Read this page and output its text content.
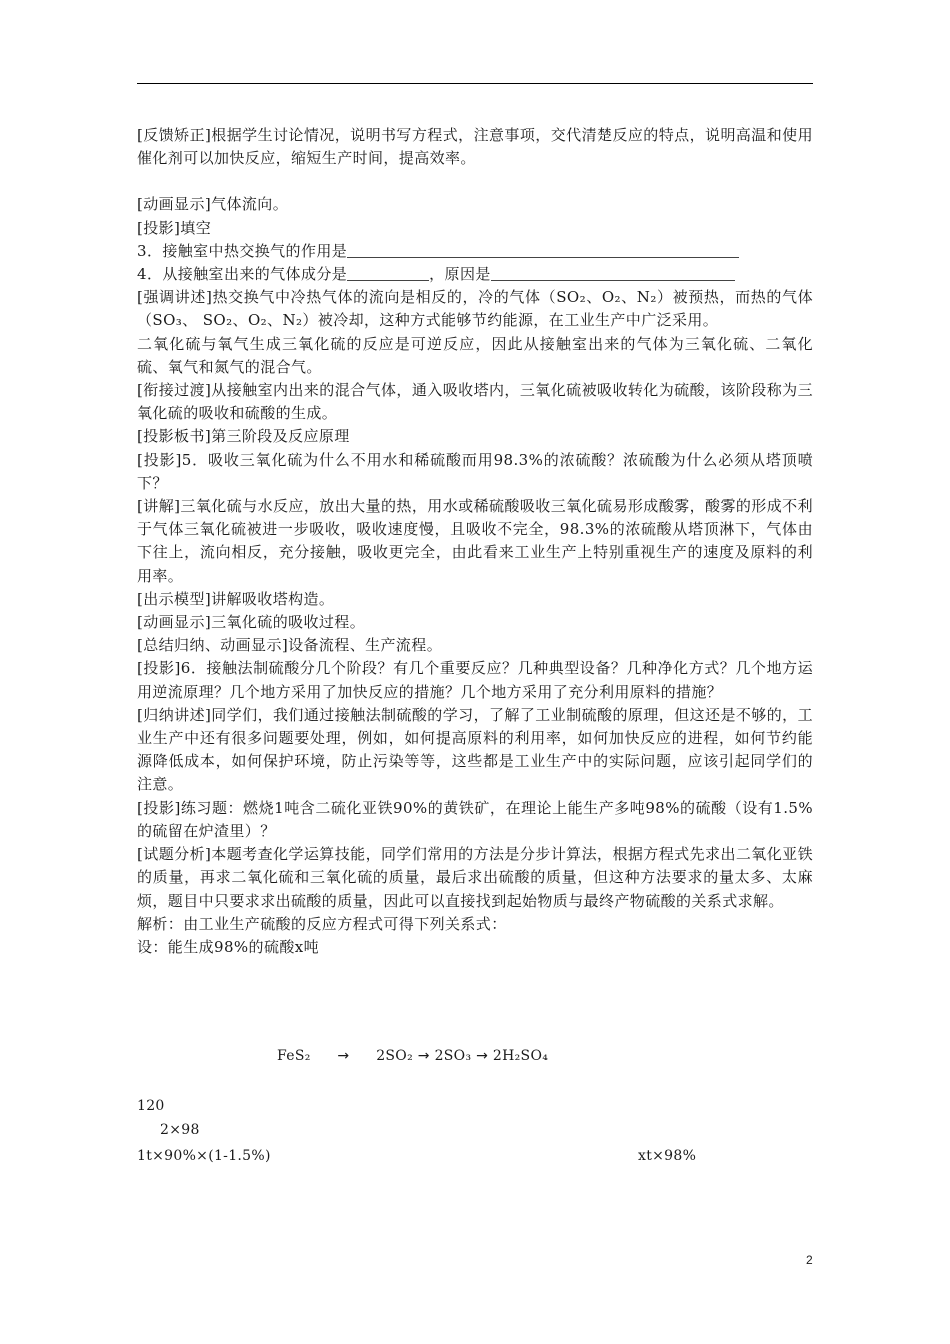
[反馈矫正]根据学生讨论情况，说明书写方程式，注意事项，交代清楚反应的特点，说明高温和使用催化剂可以加快反应，缩短生产时间，提高效率。

[动画显示]气体流向。

[投影]填空

3．接触室中热交换气的作用是

4．从接触室出来的气体成分是	，原因是

[强调讲述]热交换气中冷热气体的流向是相反的，冷的气体（SO₂、O₂、N₂）被预热，而热的气体（SO₃、 SO₂、O₂、N₂）被冷却，这种方式能够节约能源，在工业生产中广泛采用。

二氧化硫与氧气生成三氧化硫的反应是可逆反应，因此从接触室出来的气体为三氧化硫、二氧化硫、氧气和氮气的混合气。

[衔接过渡]从接触室内出来的混合气体，通入吸收塔内，三氧化硫被吸收转化为硫酸，该阶段称为三氧化硫的吸收和硫酸的生成。

[投影板书]第三阶段及反应原理

[投影]5．吸收三氧化硫为什么不用水和稀硫酸而用98.3%的浓硫酸？浓硫酸为什么必须从塔顶喷下？

[讲解]三氧化硫与水反应，放出大量的热，用水或稀硫酸吸收三氧化硫易形成酸雾，酸雾的形成不利于气体三氧化硫被进一步吸收，吸收速度慢，且吸收不完全，98.3%的浓硫酸从塔顶淋下，气体由下往上，流向相反，充分接触，吸收更完全，由此看来工业生产上特别重视生产的速度及原料的利用率。

[出示模型]讲解吸收塔构造。

[动画显示]三氧化硫的吸收过程。

[总结归纳、动画显示]设备流程、生产流程。

[投影]6．接触法制硫酸分几个阶段？有几个重要反应？几种典型设备？几种净化方式？几个地方运用逆流原理？几个地方采用了加快反应的措施？几个地方采用了充分利用原料的措施？

[归纳讲述]同学们，我们通过接触法制硫酸的学习，了解了工业制硫酸的原理，但这还是不够的，工业生产中还有很多问题要处理，例如，如何提高原料的利用率，如何加快反应的进程，如何节约能源降低成本，如何保护环境，防止污染等等，这些都是工业生产中的实际问题，应该引起同学们的注意。

[投影]练习题：燃烧1吨含二硫化亚铁90%的黄铁矿，在理论上能生产多吨98%的硫酸（设有1.5%的硫留在炉渣里）？

[试题分析]本题考查化学运算技能，同学们常用的方法是分步计算法，根据方程式先求出二氧化亚铁的质量，再求二氧化硫和三氧化硫的质量，最后求出硫酸的质量，但这种方法要求的量太多、太麻烦，题目中只要求求出硫酸的质量，因此可以直接找到起始物质与最终产物硫酸的关系式求解。

解析：由工业生产硫酸的反应方程式可得下列关系式：

设：能生成98%的硫酸x吨

FeS₂ → 2SO₂ → 2SO₃ → 2H₂SO₄
120
2×98
1t×90%×(1-1.5%)	xt×98%
2
